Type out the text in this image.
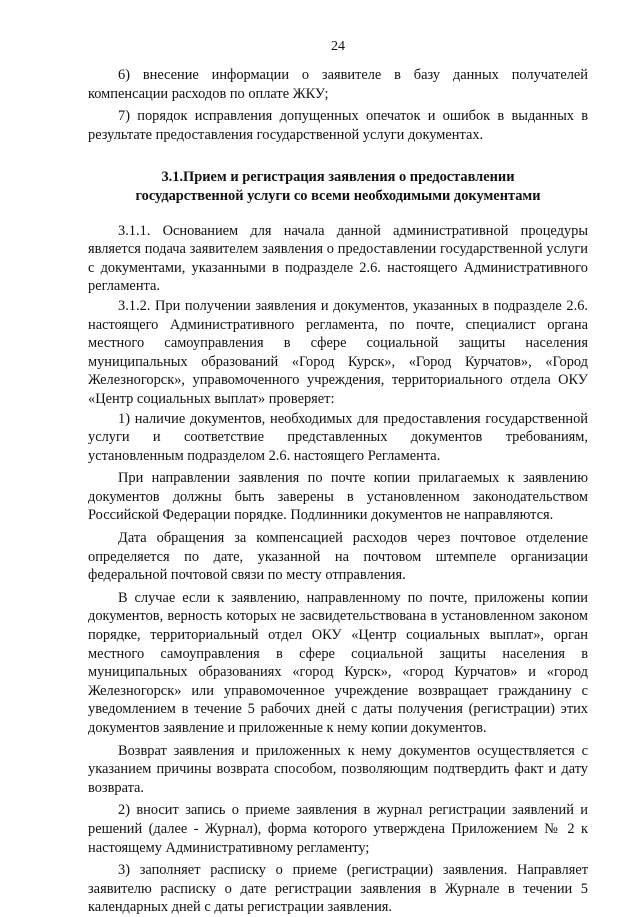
24

6) внесение информации о заявителе в базу данных получателей компенсации расходов по оплате ЖКУ;

7) порядок исправления допущенных опечаток и ошибок в выданных в результате предоставления государственной услуги документах.

3.1.Прием и регистрация заявления о предоставлении
государственной услуги со всеми необходимыми документами

3.1.1. Основанием для начала данной административной процедуры является подача заявителем заявления о предоставлении государственной услуги с документами, указанными в подразделе 2.6. настоящего Административного регламента.

3.1.2. При получении заявления и документов, указанных в подразделе 2.6. настоящего Административного регламента, по почте, специалист органа местного самоуправления в сфере социальной защиты населения муниципальных образований «Город Курск», «Город Курчатов», «Город Железногорск», управомоченного учреждения, территориального отдела ОКУ «Центр социальных выплат» проверяет:

1) наличие документов, необходимых для предоставления государственной услуги и соответствие представленных документов требованиям, установленным подразделом 2.6. настоящего Регламента.

При направлении заявления по почте копии прилагаемых к заявлению документов должны быть заверены в установленном законодательством Российской Федерации порядке. Подлинники документов не направляются.

Дата обращения за компенсацией расходов через почтовое отделение определяется по дате, указанной на почтовом штемпеле организации федеральной почтовой связи по месту отправления.

В случае если к заявлению, направленному по почте, приложены копии документов, верность которых не засвидетельствована в установленном законом порядке, территориальный отдел ОКУ «Центр социальных выплат», орган местного самоуправления в сфере социальной защиты населения в муниципальных образованиях «город Курск», «город Курчатов» и «город Железногорск» или управомоченное учреждение возвращает гражданину с уведомлением в течение 5 рабочих дней с даты получения (регистрации) этих документов заявление и приложенные к нему копии документов.

Возврат заявления и приложенных к нему документов осуществляется с указанием причины возврата способом, позволяющим подтвердить факт и дату возврата.

2) вносит запись о приеме заявления в журнал регистрации заявлений и решений (далее - Журнал), форма которого утверждена Приложением № 2 к настоящему Административному регламенту;

3) заполняет расписку о приеме (регистрации) заявления. Направляет заявителю расписку о дате регистрации заявления в Журнале в течении 5 календарных дней с даты регистрации заявления.
